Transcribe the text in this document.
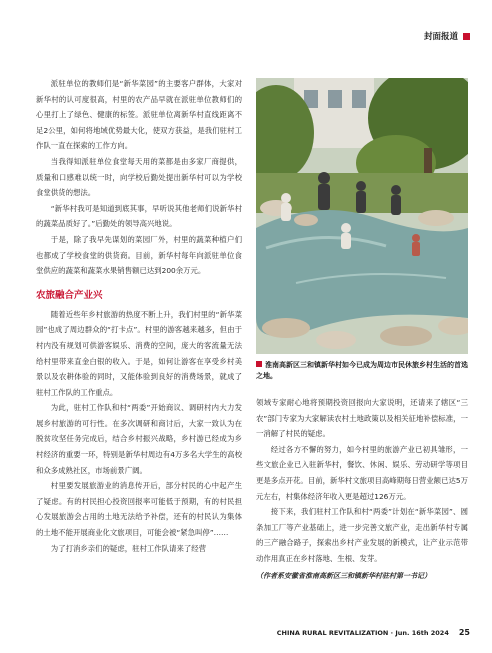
封面报道

派驻单位的教师们是“新华菜园”的主要客户群体，大家对新华村的认可度很高，村里的农产品早就在派驻单位教师们的心里打上了绿色、健康的标签。派驻单位离新华村直线距离不足2公里，如何将地域优势最大化，使双方获益，是我们驻村工作队一直在探索的工作方向。

当我得知派驻单位食堂每天用的菜都是由多家厂商提供，质量和口感难以统一时，向学校后勤处提出新华村可以为学校食堂供货的想法。

“新华村我可是知道到底其事，早听说其他老师们说新华村的蔬菜品质好了。”后勤处的领导高兴地说。

于是，除了我早先谋划的菜园厂外，村里的蔬菜种植户们也都成了学校食堂的供货商。目前，新华村每年向派驻单位食堂供应的蔬菜和蔬菜水果销售额已达到200余万元。

农旅融合产业兴

随着近些年乡村旅游的热度不断上升，我们村里的“新华菜园”也成了周边群众的“打卡点”。村里的游客越来越多，但由于村内没有规划可供游客娱乐、消费的空间，庞大的客流量无法给村里带来直金白银的收入。于是，如何让游客在享受乡村美景以及农耕体验的同时，又能体验到良好的消费场景，就成了驻村工作队的工作重点。

为此，驻村工作队和村“两委”开始商议、调研村内大力发展乡村旅游的可行性。在多次调研和商讨后，大家一致认为在脱贫攻坚任务完成后，结合乡村振兴战略，乡村游已经成为乡村经济的重要一环，特别是新华村周边有4万多名大学生的高校和众多成熟社区，市场前景广阔。

村里要发展旅游业的消息传开后，部分村民的心中起产生了疑虑。有的村民担心投资回报率可能低于预期，有的村民担心发展旅游会占用的土地无法给予补偿，还有的村民认为集体的土地不能开展商业化文旅项目，可能会被“紧急叫停”……

为了打消乡亲们的疑虑，驻村工作队请来了经营

淮南高新区三和镇新华村如今已成为周边市民休旅乡村生活的首选之地。

领域专家耐心地将预期投资回报向大家说明，还请来了辖区“三农”部门专家为大家解读农村土地政策以及相关征地补偿标准，一一消解了村民的疑虑。

经过各方不懈的努力，如今村里的旅游产业已初具雏形，一些文旅企业已入驻新华村，餐饮、休闲、娱乐、劳动研学等项目更是多点开花。目前，新华村文旅项目高峰期每日营业额已达5万元左右，村集体经济年收入更是超过126万元。

接下来，我们驻村工作队和村“两委”计划在“新华菜园”、圆条加工厂等产业基础上，进一步完善文旅产业，走出新华村专属的三产融合路子，探索出乡村产业发展的新模式，让产业示范带动作用真正在乡村落地、生根、发芽。

（作者系安徽省淮南高新区三和镇新华村驻村第一书记）

CHINA RURAL REVITALIZATION · Jun. 16th 2024 25
